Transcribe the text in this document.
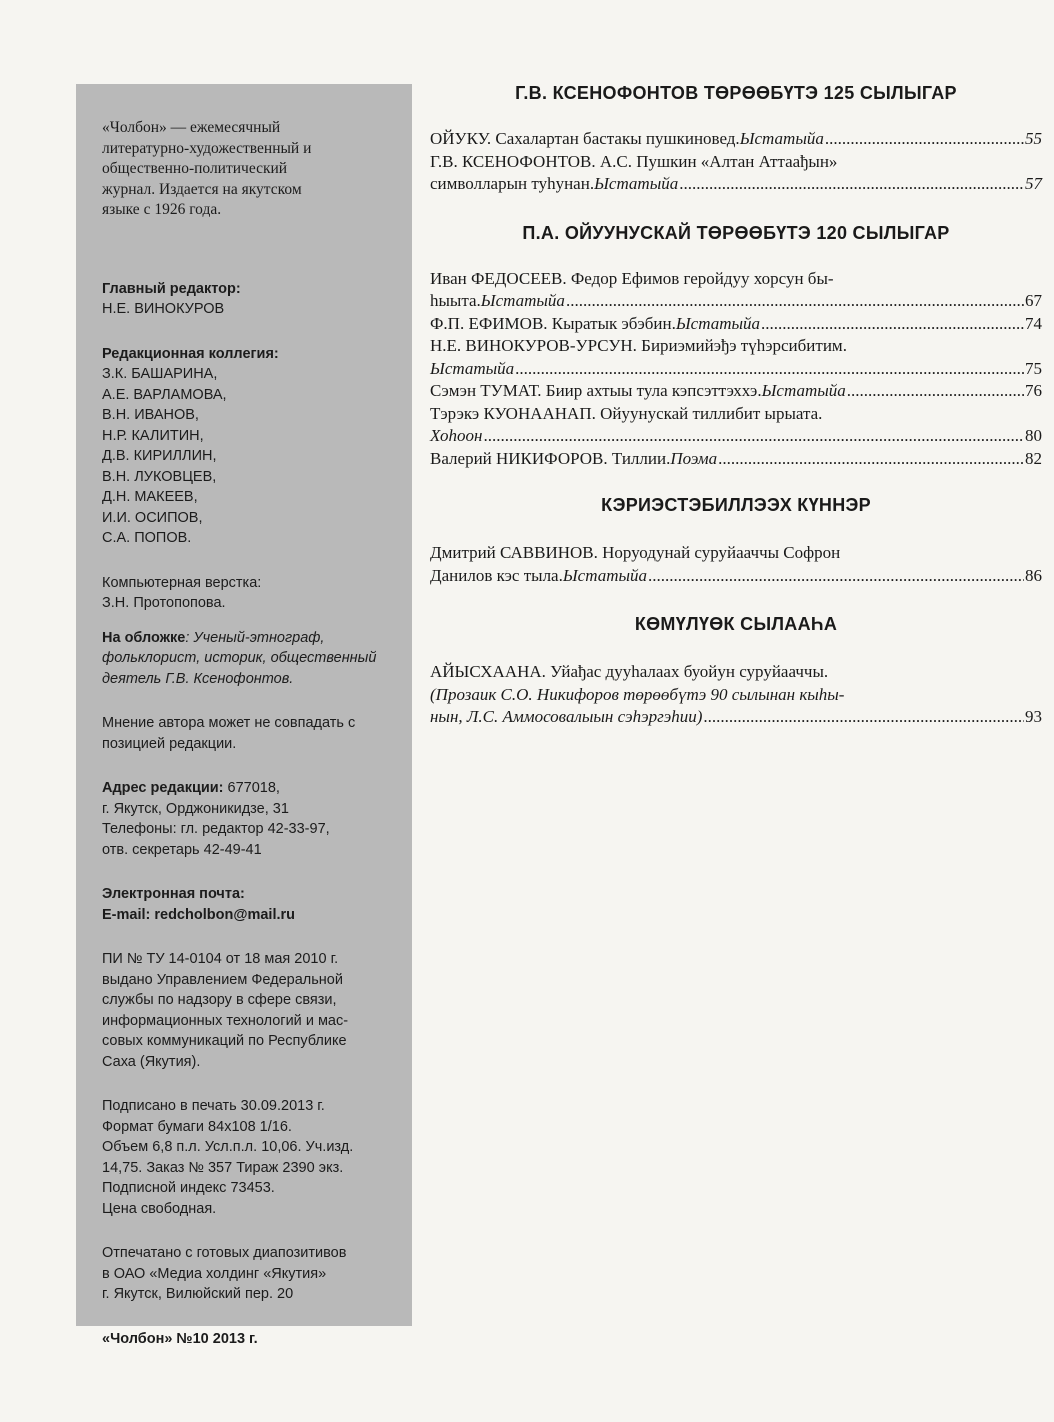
«Чолбон» — ежемесячный
литературно-художественный и
общественно-политический
журнал. Издается на якутском
языке с 1926 года.
Главный редактор:
Н.Е. ВИНОКУРОВ
Редакционная коллегия:
З.К. БАШАРИНА,
А.Е. ВАРЛАМОВА,
В.Н. ИВАНОВ,
Н.Р. КАЛИТИН,
Д.В. КИРИЛЛИН,
В.Н. ЛУКОВЦЕВ,
Д.Н. МАКЕЕВ,
И.И. ОСИПОВ,
С.А. ПОПОВ.
Компьютерная верстка:
З.Н. Протопопова.
На обложке: Ученый-этнограф,
фольклорист, историк, общественный
деятель Г.В. Ксенофонтов.
Мнение автора может не совпадать с
позицией редакции.
Адрес редакции: 677018,
г. Якутск, Орджоникидзе, 31
Телефоны: гл. редактор 42-33-97,
отв. секретарь 42-49-41
Электронная почта:
E-mail: redcholbon@mail.ru
ПИ № ТУ 14-0104 от 18 мая 2010 г.
выдано Управлением Федеральной
службы по надзору в сфере связи,
информационных технологий и мас-
совых коммуникаций по Республике
Саха (Якутия).
Подписано в печать 30.09.2013 г.
Формат бумаги 84х108 1/16.
Объем 6,8 п.л. Усл.п.л. 10,06. Уч.изд.
14,75. Заказ № 357 Тираж 2390 экз.
Подписной индекс 73453.
Цена свободная.
Отпечатано с готовых диапозитивов
в ОАО «Медиа холдинг «Якутия»
г. Якутск, Вилюйский пер. 20
«Чолбон» №10 2013 г.
Г.В. КСЕНОФОНТОВ ТӨРӨӨБҮТЭ 125 СЫЛЫГАР
ОЙУКУ. Сахалартан бастакы пушкиновед. Ыстатыйа .....	55
Г.В. КСЕНОФОНТОВ. А.С. Пушкин «Алтан Аттаађын»
символларын туһунан. Ыстатыйа .....	57
П.А. ОЙУУНУСКАЙ ТӨРӨӨБҮТЭ 120 СЫЛЫГАР
Иван ФЕДОСЕЕВ. Федор Ефимов геройдуу хорсун бы-
һыыта. Ыстатыйа .....	67
Ф.П. ЕФИМОВ. Кыратык эбэбин. Ыстатыйа .....	74
Н.Е. ВИНОКУРОВ-УРСУН. Бириэмийэђэ түһэрсибитим.
Ыстатыйа .....	75
Сэмэн ТУМАТ. Биир ахтыы тула кэпсэттэххэ. Ыстатыйа .....	76
Тэрэкэ КУОНААНАП. Ойуунускай тиллибит ырыата.
Хоһоон .....	80
Валерий НИКИФОРОВ. Тиллии. Поэма .....	82
КЭРИЭСТЭБИЛЛЭЭХ КҮННЭР
Дмитрий САВВИНОВ. Норуодунай суруйааччы Софрон
Данилов кэс тыла. Ыстатыйа .....	86
КӨМҮЛҮӨК СЫЛААҺА
АЙЫСХААНА. Уйађас дууһалаах буойун суруйааччы.
(Прозаик С.О. Никифоров төрөөбүтэ 90 сылынан кыһы-
нын, Л.С. Аммосовалыын сэһэргэһии) .....	93
